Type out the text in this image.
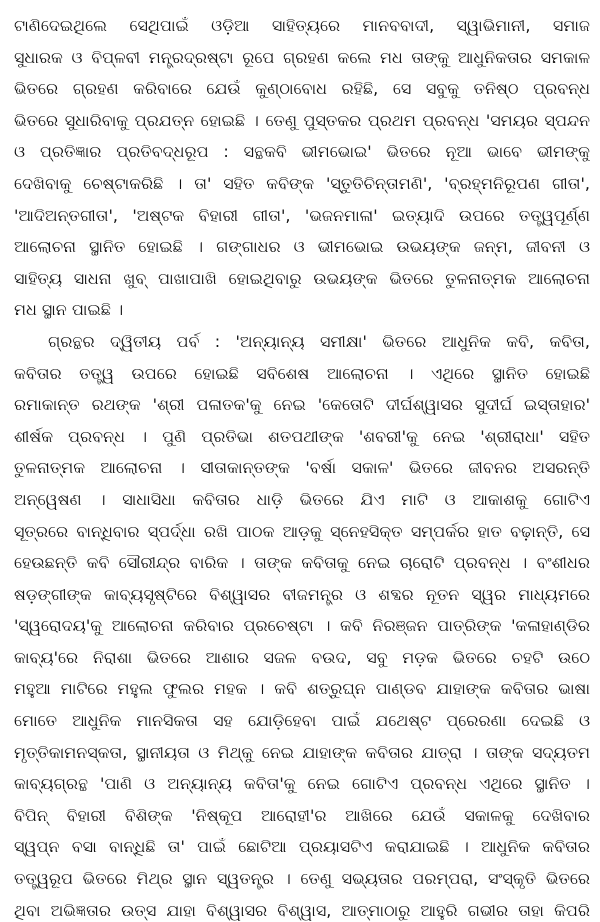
ଟାଣିଦେଇଥିଲେ ସେଥିପାଇଁ ଓଡ଼ିଆ ସାହିତ୍ୟରେ ମାନବବାଦୀ, ସ୍ୱାଭିମାନୀ, ସମାଜ
ସୁଧାରକ ଓ ବିପ୍ଳବୀ ମନ୍ତ୍ରଦ୍ରଷ୍ଟା ରୂପେ ଗ୍ରହଣ କଲେ ମଧ ତାଙ୍କୁ ଆଧୁନିକତାର ସମକାଳ
ଭିତରେ ଗ୍ରହଣ କରିବାରେ ଯେଉଁ କୁଣ୍ଠାବୋଧ ରହିଛି, ସେ ସବୁକୁ ତନିଷ୍ଠ ପ୍ରବନ୍ଧ
ଭିତରେ ସୁଧାରିବାକୁ ପ୍ରଯତ୍ନ ହୋଇଛି । ତେଣୁ ପୁସ୍ତକର ପ୍ରଥମ ପ୍ରବନ୍ଧ 'ସମୟର ସ୍ପନ୍ଦନ
ଓ ପ୍ରତିଜ୍ଞାର ପ୍ରତିବଦ୍ଧରୂପ : ସନ୍ଥକବି ଭୀମଭୋଇ' ଭିତରେ ନୂଆ ଭାବେ ଭୀମଙ୍କୁ
ଦେଖିବାକୁ ଚେଷ୍ଟାକରିଛି । ତା' ସହିତ କବିଙ୍କ 'ସ୍ତୁତିଚିନ୍ତାମଣି', 'ବ୍ରହ୍ମନିରୂପଣ ଗୀତା',
'ଆଦିଅନ୍ତଗୀତା', 'ଅଷ୍ଟକ ବିହାରୀ ଗୀତା', 'ଭଜନମାଳା' ଇତ୍ୟାଦି ଉପରେ ତତ୍ତ୍ୱପୂର୍ଣ୍ଣ
ଆଲୋଚନା ସ୍ଥାନିତ ହୋଇଛି । ଗଙ୍ଗାଧର ଓ ଭୀମଭୋଇ ଉଭୟଙ୍କ ଜନ୍ମ, ଜୀବନୀ ଓ
ସାହିତ୍ୟ ସାଧନା ଖୁବ୍ ପାଖାପାଖି ହୋଇଥିବାରୁ ଉଭୟଙ୍କ ଭିତରେ ତୁଳନାତ୍ମକ ଆଲୋଚନା
ମଧ ସ୍ଥାନ ପାଇଛି ।
ଗ୍ରନ୍ଥର ଦ୍ୱିତୀୟ ପର୍ବ : 'ଅନ୍ୟାନ୍ୟ ସମୀକ୍ଷା' ଭିତରେ ଆଧୁନିକ କବି, କବିତା,
କବିତାର ତତ୍ତ୍ୱ ଉପରେ ହୋଇଛି ସବିଶେଷ ଆଲୋଚନା । ଏଥିରେ ସ୍ଥାନିତ ହୋଇଛି
ରମାକାନ୍ତ ରଥଙ୍କ 'ଶ୍ରୀ ପଳାତକ'କୁ ନେଇ 'କେତୋଟି ଦୀର୍ଘଶ୍ୱାସର ସୁଦୀର୍ଘ ଇସ୍ତାହାର'
ଶୀର୍ଷକ ପ୍ରବନ୍ଧ । ପୁଣି ପ୍ରତିଭା ଶତପଥୀଙ୍କ 'ଶବରୀ'କୁ ନେଇ 'ଶ୍ରୀରାଧା' ସହିତ
ତୁଳନାତ୍ମକ ଆଲୋଚନା । ସୀତାକାନ୍ତଙ୍କ 'ବର୍ଷା ସକାଳ' ଭିତରେ ଜୀବନର ଅସରନ୍ତି
ଅନ୍ୱେଷଣ । ସାଧାସିଧା କବିତାର ଧାଡ଼ି ଭିତରେ ଯିଏ ମାଟି ଓ ଆକାଶକୁ ଗୋଟିଏ
ସୂତ୍ରରେ ବାନ୍ଧିବାର ସ୍ପର୍ଦ୍ଧା ରଖି ପାଠକ ଆଡ଼କୁ ସ୍ନେହସିକ୍ତ ସମ୍ପର୍କର ହାତ ବଢ଼ାନ୍ତି, ସେ
ହେଉଛନ୍ତି କବି ସୌରୀନ୍ଦ୍ର ବାରିକ । ତାଙ୍କ କବିତାକୁ ନେଇ ଚାରୋଟି ପ୍ରବନ୍ଧ । ବଂଶୀଧର
ଷଡ଼ଙ୍ଗୀଙ୍କ କାବ୍ୟସୃଷ୍ଟିରେ ବିଶ୍ୱାସର ବୀଜମନ୍ତ୍ର ଓ ଶବ୍ଦର ନୂତନ ସ୍ୱର ମାଧ୍ୟମରେ
'ସ୍ୱରୋଦୟ'କୁ ଆଲୋଚନା କରିବାର ପ୍ରଚେଷ୍ଟା । କବି ନିରଞ୍ଜନ ପାତ୍ରିଙ୍କ 'କଳାହାଣ୍ଡିର
କାବ୍ୟ'ରେ ନିରାଶା ଭିତରେ ଆଶାର ସଜଳ ବଉଦ, ସବୁ ମଡ଼କ ଭିତରେ ଚହଟି ଉଠେ
ମହୁଆ ମାଟିରେ ମହୁଲ ଫୁଲର ମହକ । କବି ଶତ୍ରୁଘ୍ନ ପାଣ୍ଡବ ଯାହାଙ୍କ କବିତାର ଭାଷା
ମୋତେ ଆଧୁନିକ ମାନସିକତା ସହ ଯୋଡ଼ିହେବା ପାଇଁ ଯଥେଷ୍ଟ ପ୍ରେରଣା ଦେଇଛି ଓ
ମୃତ୍ତିକାମନସ୍କତା, ସ୍ଥାନୀୟତା ଓ ମିଥ୍‌କୁ ନେଇ ଯାହାଙ୍କ କବିତାର ଯାତ୍ରା । ତାଙ୍କ ସଦ୍ୟତମ
କାବ୍ୟଗ୍ରନ୍ଥ 'ପାଣି ଓ ଅନ୍ୟାନ୍ୟ କବିତା'କୁ ନେଇ ଗୋଟିଏ ପ୍ରବନ୍ଧ ଏଥିରେ ସ୍ଥାନିତ ।
ବିପିନ୍ ବିହାରୀ ବିଶିଙ୍କ 'ନିଷ୍କୂପ ଆରୋହୀ'ର ଆଖିରେ ଯେଉଁ ସକାଳକୁ ଦେଖିବାର
ସ୍ୱପ୍ନ ବସା ବାନ୍ଧିଛି ତା' ପାଇଁ ଛୋଟିଆ ପ୍ରୟାସଟିଏ କରାଯାଇଛି । ଆଧୁନିକ କବିତାର
ତତ୍ତ୍ୱରୂପ ଭିତରେ ମିଥ୍‌ର ସ୍ଥାନ ସ୍ୱତନ୍ତ୍ର । ତେଣୁ ସଭ୍ୟତାର ପରମ୍ପରା, ସଂସ୍କୃତି ଭିତରେ
ଥିବା ଅଭିଜ୍ଞତାର ଉତ୍ସ ଯାହା ବିଶ୍ୱାସର ବିଶ୍ୱାସ, ଆତ୍ମାଠାରୁ ଆହୁରି ଗଭୀର ତାହା କିପରି
